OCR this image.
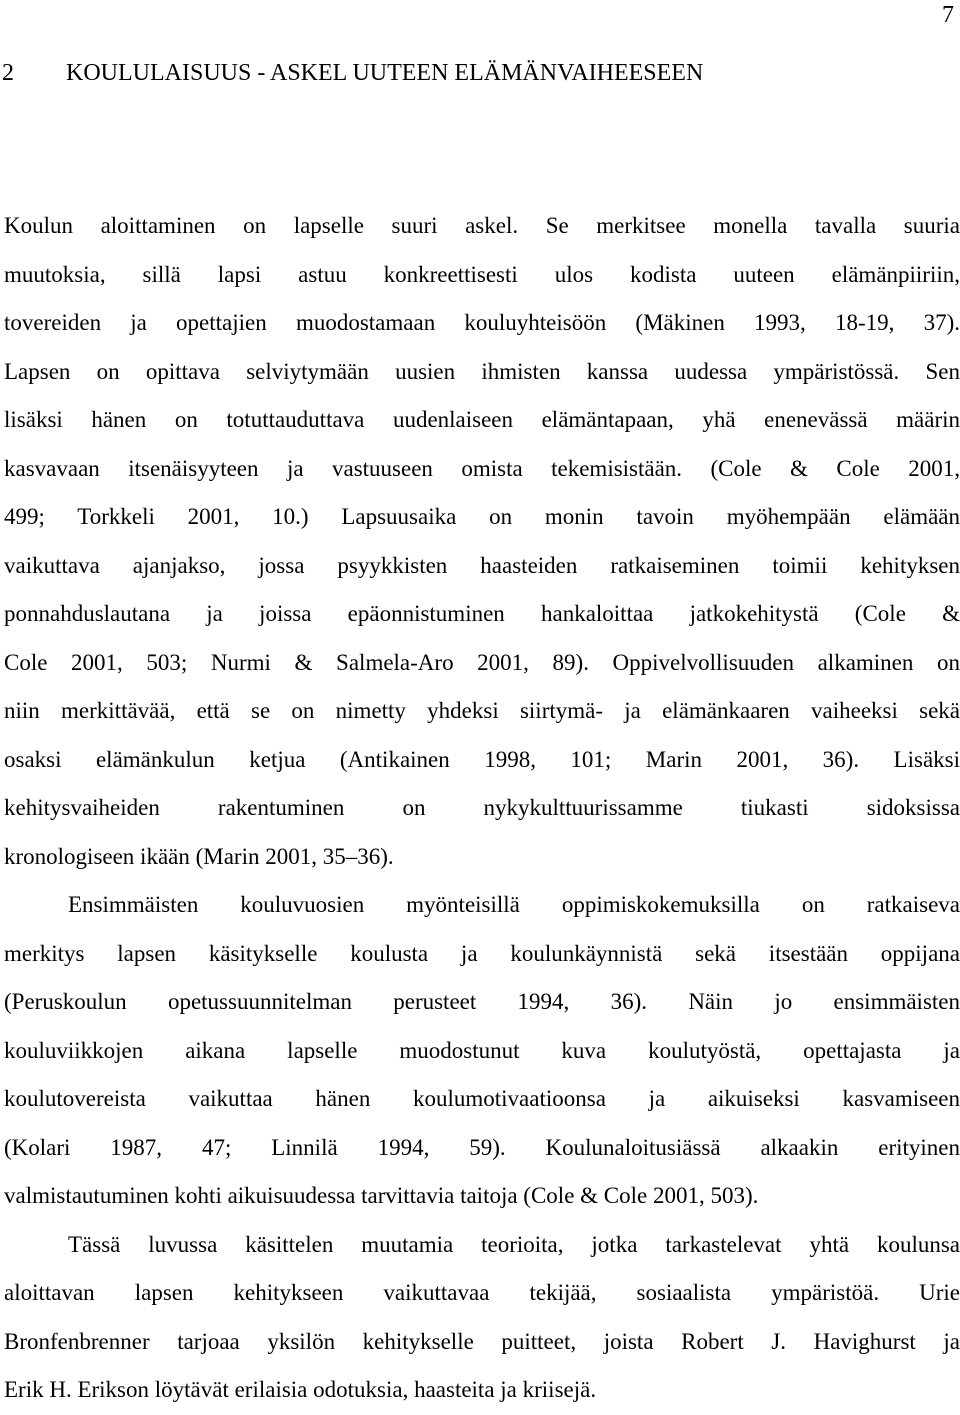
7
2 KOULULAISUUS - ASKEL UUTEEN ELÄMÄNVAIHEESEEN
Koulun aloittaminen on lapselle suuri askel. Se merkitsee monella tavalla suuria
muutoksia, sillä lapsi astuu konkreettisesti ulos kodista uuteen elämänpiiriin,
tovereiden ja opettajien muodostamaan kouluyhteisöön (Mäkinen 1993, 18-19, 37).
Lapsen on opittava selviytymään uusien ihmisten kanssa uudessa ympäristössä. Sen
lisäksi hänen on totuttauduttava uudenlaiseen elämäntapaan, yhä enenevässä määrin
kasvavaan itsenäisyyteen ja vastuuseen omista tekemisistään. (Cole & Cole 2001,
499; Torkkeli 2001, 10.) Lapsuusaika on monin tavoin myöhempään elämään
vaikuttava ajanjakso, jossa psyykkisten haasteiden ratkaiseminen toimii kehityksen
ponnahduslautana ja joissa epäonnistuminen hankaloittaa jatkokehitystä (Cole &
Cole 2001, 503; Nurmi & Salmela-Aro 2001, 89). Oppivelvollisuuden alkaminen on
niin merkittävää, että se on nimetty yhdeksi siirtymä- ja elämänkaaren vaiheeksi sekä
osaksi elämänkulun ketjua (Antikainen 1998, 101; Marin 2001, 36). Lisäksi
kehitysvaiheiden rakentuminen on nykykulttuurissamme tiukasti sidoksissa
kronologiseen ikään (Marin 2001, 35–36).
Ensimmäisten kouluvuosien myönteisillä oppimiskokemuksilla on ratkaiseva
merkitys lapsen käsitykselle koulusta ja koulunkäynnistä sekä itsestään oppijana
(Peruskoulun opetussuunnitelman perusteet 1994, 36). Näin jo ensimmäisten
kouluviikkojen aikana lapselle muodostunut kuva koulutyöstä, opettajasta ja
koulutovereista vaikuttaa hänen koulumotivaatioonsa ja aikuiseksi kasvamiseen
(Kolari 1987, 47; Linnilä 1994, 59). Koulunaloitusiässä alkaakin erityinen
valmistautuminen kohti aikuisuudessa tarvittavia taitoja (Cole & Cole 2001, 503).
Tässä luvussa käsittelen muutamia teorioita, jotka tarkastelevat yhtä koulunsa
aloittavan lapsen kehitykseen vaikuttavaa tekijää, sosiaalista ympäristöä. Urie
Bronfenbrenner tarjoaa yksilön kehitykselle puitteet, joista Robert J. Havighurst ja
Erik H. Erikson löytävät erilaisia odotuksia, haasteita ja kriisejä.
